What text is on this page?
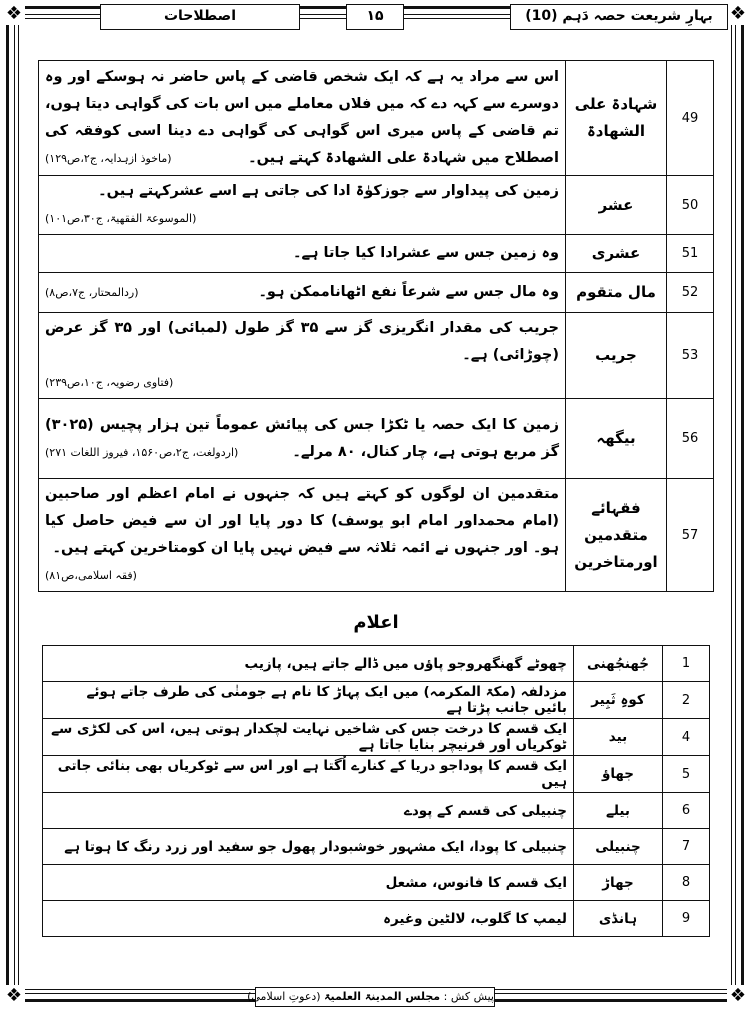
❖	❖
❖	❖
بہارِ شریعت حصہ دَہم (10)
۱۵
اصطلاحات
49	شہادۃ علی الشھادۃ	اس سے مراد یہ ہے کہ ایک شخص قاضی کے پاس حاضر نہ ہوسکے اور وہ دوسرے سے کہہ دے کہ میں فلاں معاملے میں اس بات کی گواہی دیتا ہوں، تم قاضی کے پاس میری اس گواہی کی گواہی دے دینا اسی کوفقہ کی اصطلاح میں شہادۃ علی الشھادۃ کہتے ہیں۔
(ماخوذ ازہدایہ، ج۲،ص۱۲۹)

50	عشر	زمین کی پیداوار سے جوزکوٰۃ ادا کی جاتی ہے اسے عشرکہتے ہیں۔
(الموسوعۃ الفقھیۃ، ج۳۰،ص۱۰۱)

51	عشری	وہ زمین جس سے عشرادا کیا جاتا ہے۔
52	مال متقوم	وہ مال جس سے شرعاً نفع اٹھاناممکن ہو۔
(ردالمحتار، ج۷،ص۸)

53	جریب	جریب کی مقدار انگریزی گز سے ۳۵ گز طول (لمبائی) اور ۳۵ گز عرض (چوڑائی) ہے۔
(فتاوی رضویہ، ج۱۰،ص۲۳۹)

56	بیگھہ	زمین کا ایک حصہ یا ٹکڑا جس کی پیائش عموماً تین ہزار پچیس (۳۰۲۵) گز مربع ہوتی ہے، چار کنال، ۸۰ مرلے۔
(اردولغت، ج۲،ص۱۵۶۰، فیروز اللغات ۲۷۱)

57	فقہائے متقدمین اورمتاخرین	متقدمین ان لوگوں کو کہتے ہیں کہ جنہوں نے امام اعظم اور صاحبین (امام محمداور امام ابو یوسف) کا دور پایا اور ان سے فیض حاصل کیا ہو۔ اور جنہوں نے ائمہ ثلاثہ سے فیض نہیں پایا ان کومتاخرین کہتے ہیں۔
(فقہ اسلامی،ص۸۱)
اعلام
1	جُھنجُھنی	چھوٹے گھنگھروجو پاؤں میں ڈالے جاتے ہیں، پازیب
2	کوہِ ثَبِیر	مزدلفہ (مکۃ المکرمہ) میں ایک پہاڑ کا نام ہے جومنٰی کی طرف جاتے ہوئے بائیں جانب پڑتا ہے
4	بید	ایک قسم کا درخت جس کی شاخیں نہایت لچکدار ہوتی ہیں، اس کی لکڑی سے ٹوکریاں اور فرنیچر بنایا جاتا ہے
5	جھاؤ	ایک قسم کا پوداجو دریا کے کنارے اُگتا ہے اور اس سے ٹوکریاں بھی بنائی جاتی ہیں
6	بیلے	چنبیلی کی قسم کے پودے
7	چنبیلی	چنبیلی کا پودا، ایک مشہور خوشبودار پھول جو سفید اور زرد رنگ کا ہوتا ہے
8	جھاڑ	ایک قسم کا فانوس، مشعل
9	ہانڈی	لیمپ کا گلوب، لالٹین وغیرہ
پیش کش : مجلس المدینۃ العلمیۃ (دعوتِ اسلامی)
